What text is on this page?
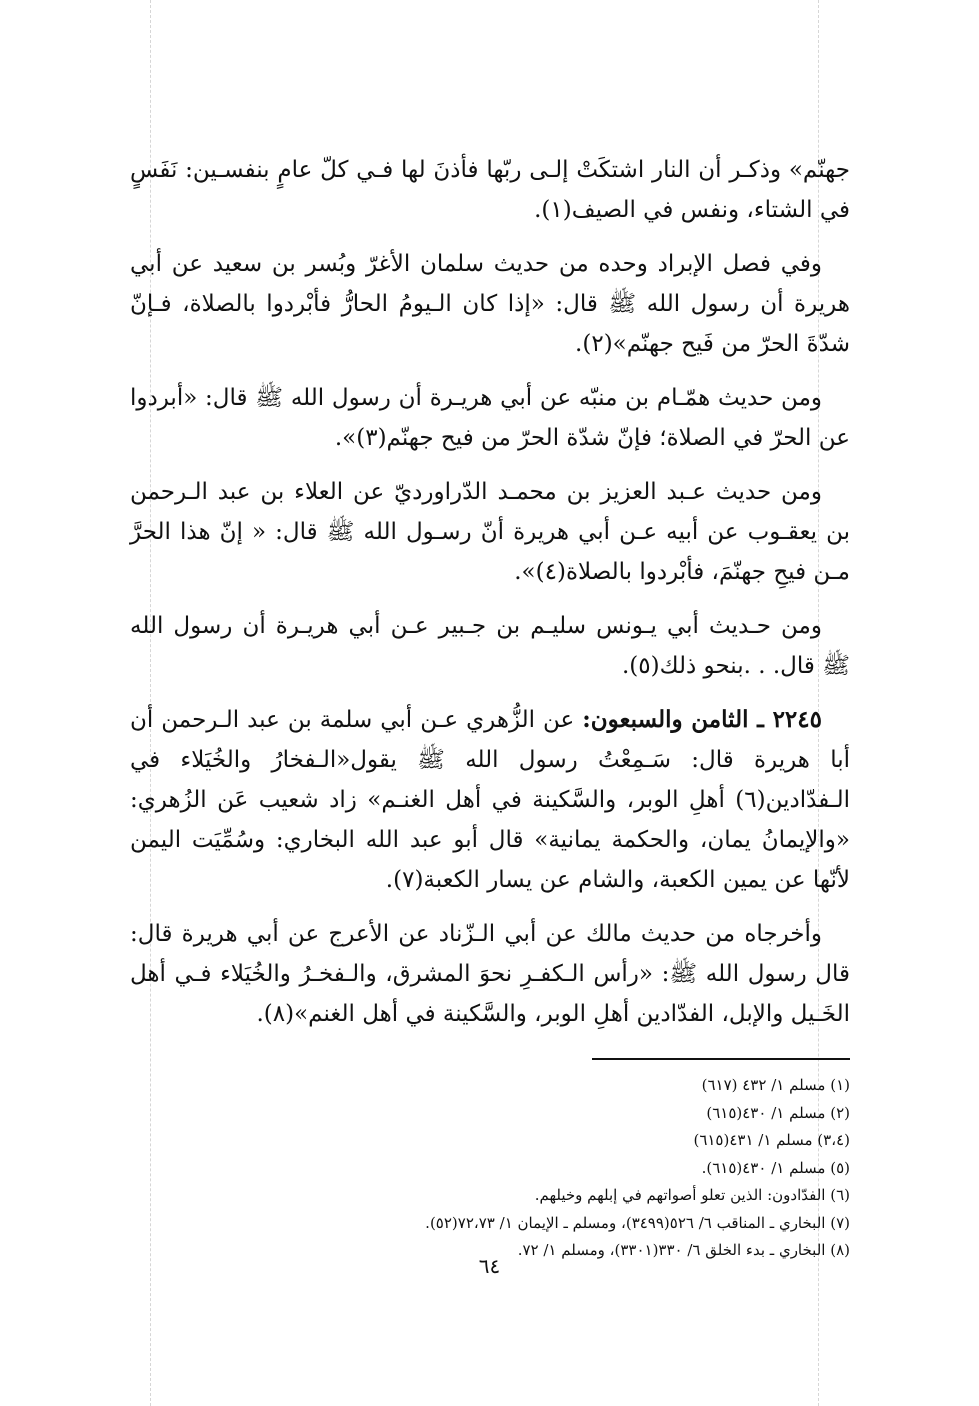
جهنّم» وذكـر أن النار اشتكَتْ إلـى ربّها فأذنَ لها فـي كلّ عامٍ بنفسـين: نَفَسٍ في الشتاء، ونفس في الصيف(١).

وفي فصل الإبراد وحده من حديث سلمان الأغرّ وبُسر بن سعيد عن أبي هريرة أن رسول الله ﷺ قال: «إذا كان الـيومُ الحارُّ فأبْردوا بالصلاة، فـإنّ شدّةَ الحرّ من فَيح جهنّم»(٢).

ومن حديث همّـام بن منبّه عن أبي هريـرة أن رسول الله ﷺ قال: «أبردوا عن الحرّ في الصلاة؛ فإنّ شدّة الحرّ من فيح جهنّم(٣)».

ومن حديث عـبد العزيز بن محمـد الدّراورديّ عن العلاء بن عبد الـرحمن بن يعقـوب عن أبيه عـن أبي هريرة أنّ رسـول الله ﷺ قال: « إنّ هذا الحرَّ مـن فيحِ جهنّمَ، فأبْردوا بالصلاة(٤)».

ومن حـديث أبي يـونس سليـم بن جـبير عـن أبي هريـرة أن رسول الله ﷺ قال. . .بنحو ذلك(٥).

٢٢٤٥ ـ الثامن والسبعون: عن الزُّهري عـن أبي سلمة بن عبد الـرحمن أن أبا هريرة قال: سَـمِعْتُ رسول الله ﷺ يقول«الـفخارُ والخُيَلاء في الـفدّادين(٦) أهلِ الوبر، والسَّكينة في أهل الغنـم» زاد شعيب عَن الزُهري: «والإيمانُ يمان، والحكمة يمانية» قال أبو عبد الله البخاري: وسُمِّيَت اليمن لأنّها عن يمين الكعبة، والشام عن يسار الكعبة(٧).

وأخرجاه من حديث مالك عن أبي الـزّناد عن الأعرج عن أبي هريرة قال: قال رسول الله ﷺ: «رأس الـكفـرِ نحوَ المشرق، والـفخـرُ والخُيَلاء فـي أهل الخَـيل والإبل، الفدّادين أهلِ الوبر، والسَّكينة في أهل الغنم»(٨).

(١) مسلم ١/ ٤٣٢ (٦١٧)
(٢) مسلم ١/ ٤٣٠(٦١٥)
(٣،٤) مسلم ١/ ٤٣١(٦١٥)
(٥) مسلم ١/ ٤٣٠(٦١٥).
(٦) الفدّادون: الذين تعلو أصواتهم في إبلهم وخيلهم.
(٧) البخاري ـ المناقب ٦/ ٥٢٦(٣٤٩٩)، ومسلم ـ الإيمان ١/ ٧٢،٧٣(٥٢).
(٨) البخاري ـ بدء الخلق ٦/ ٣٣٠(٣٣٠١)، ومسلم ١/ ٧٢.
٦٤
